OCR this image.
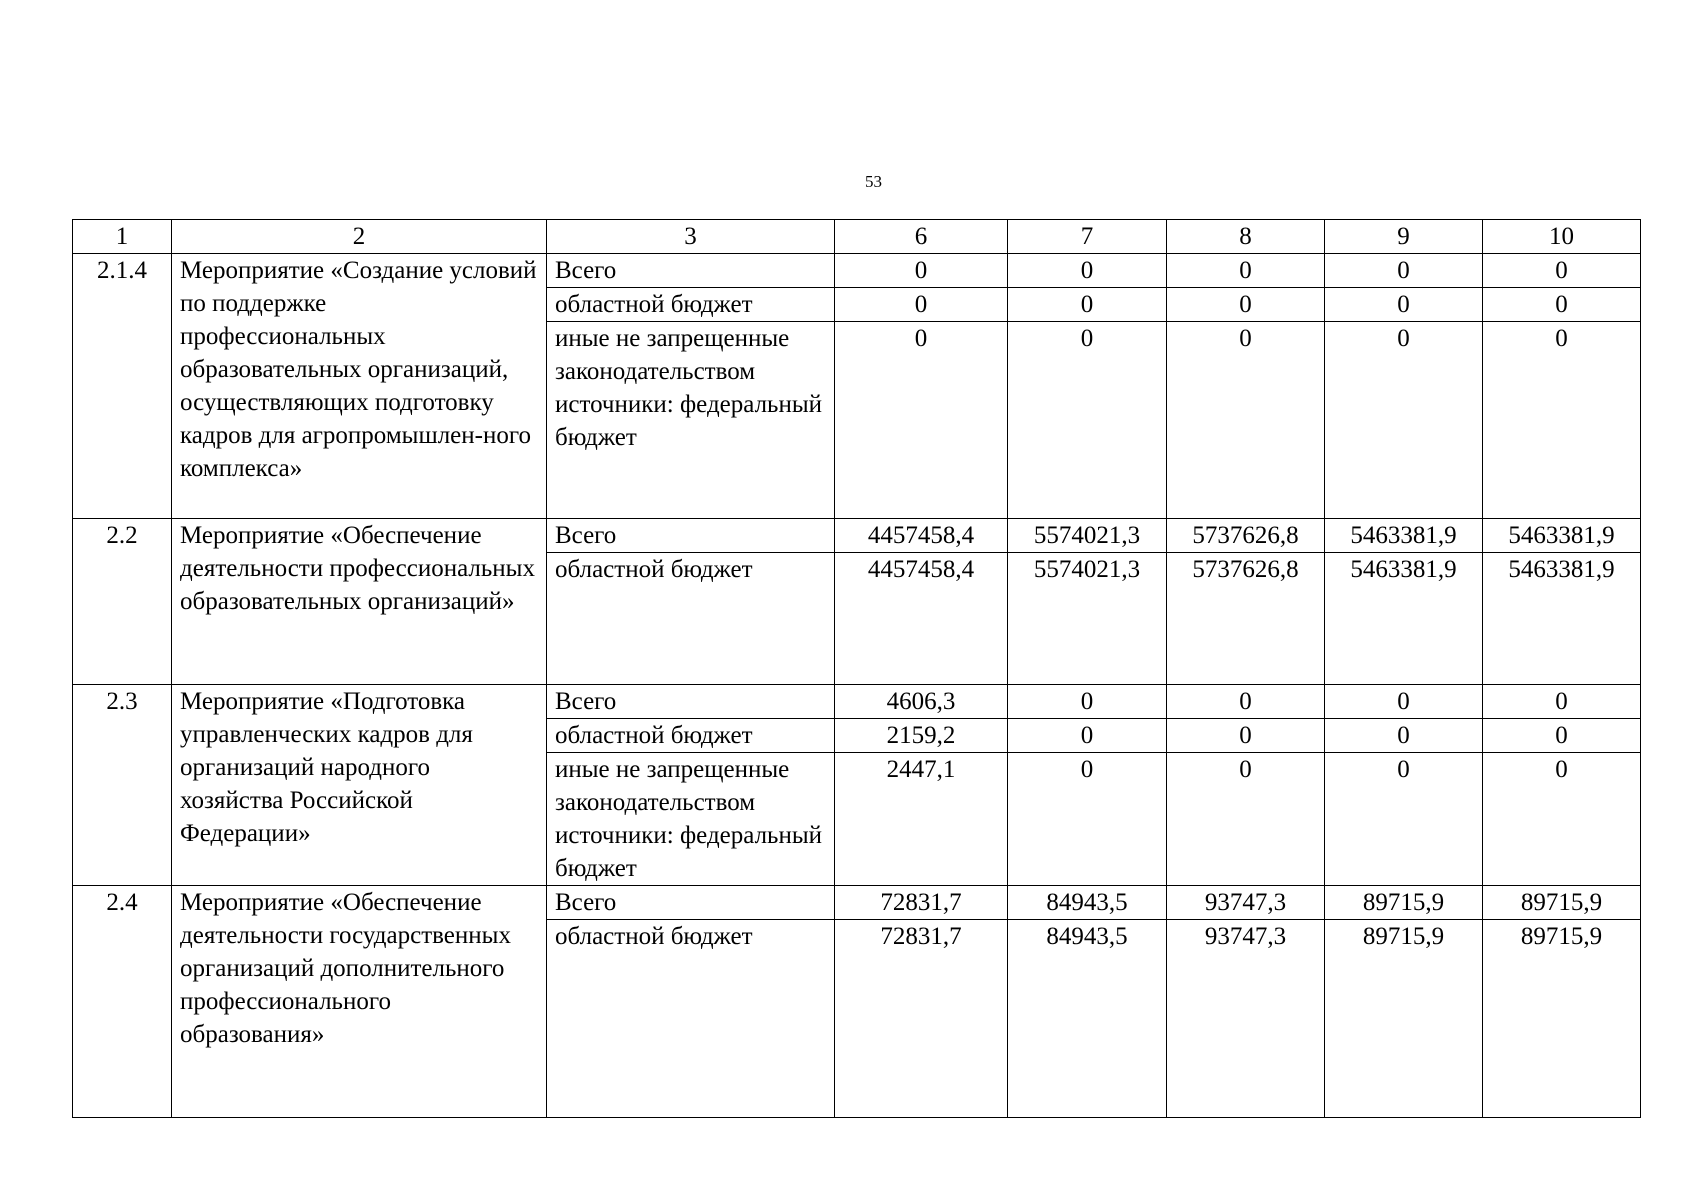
53
1	2	3	6	7	8	9	10
2.1.4	Мероприятие «Создание условий по поддержке профессиональных образовательных организаций, осуществляющих подготовку кадров для агропромышлен-ного комплекса»	Всего	0	0	0	0	0
		областной бюджет	0	0	0	0	0
		иные не запрещенные законодательством источники: федеральный бюджет	0	0	0	0	0
2.2	Мероприятие «Обеспечение деятельности профессиональных образовательных организаций»	Всего	4457458,4	5574021,3	5737626,8	5463381,9	5463381,9
		областной бюджет	4457458,4	5574021,3	5737626,8	5463381,9	5463381,9
2.3	Мероприятие «Подготовка управленческих кадров для организаций народного хозяйства Российской Федерации»	Всего	4606,3	0	0	0	0
		областной бюджет	2159,2	0	0	0	0
		иные не запрещенные законодательством источники: федеральный бюджет	2447,1	0	0	0	0
2.4	Мероприятие «Обеспечение деятельности государственных организаций дополнительного профессионального образования»	Всего	72831,7	84943,5	93747,3	89715,9	89715,9
		областной бюджет	72831,7	84943,5	93747,3	89715,9	89715,9
